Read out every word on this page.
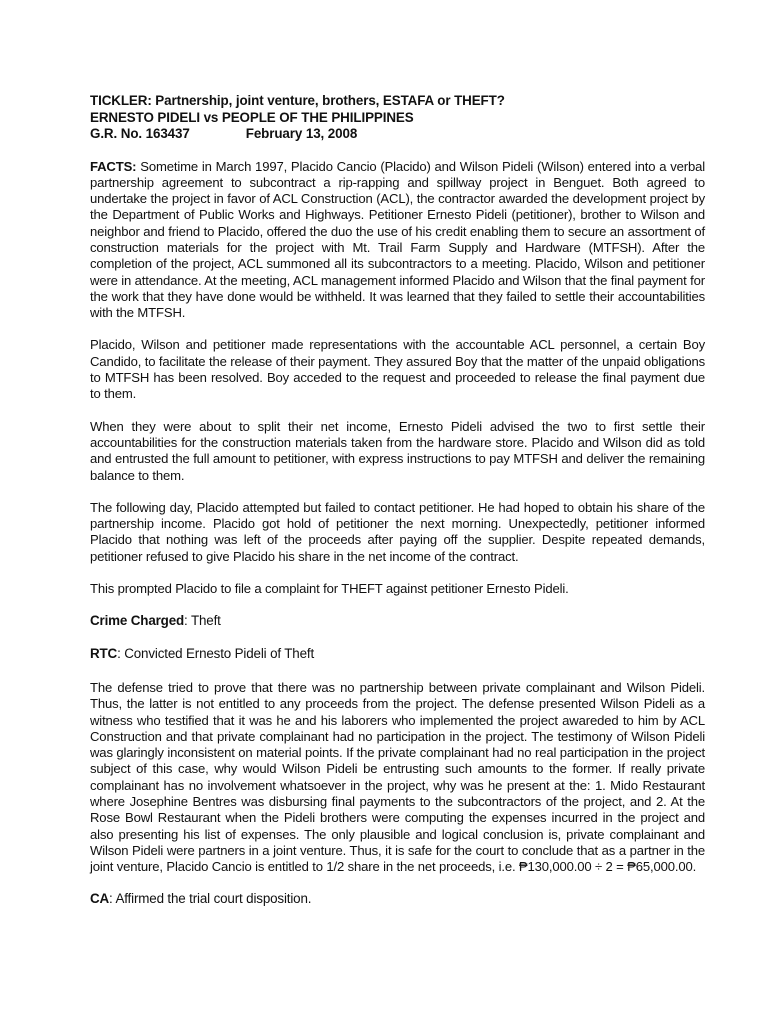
TICKLER: Partnership, joint venture, brothers, ESTAFA or THEFT?
ERNESTO PIDELI vs PEOPLE OF THE PHILIPPINES
G.R. No. 163437	February 13, 2008

FACTS: Sometime in March 1997, Placido Cancio (Placido) and Wilson Pideli (Wilson) entered into a verbal partnership agreement to subcontract a rip-rapping and spillway project in Benguet. Both agreed to undertake the project in favor of ACL Construction (ACL), the contractor awarded the development project by the Department of Public Works and Highways. Petitioner Ernesto Pideli (petitioner), brother to Wilson and neighbor and friend to Placido, offered the duo the use of his credit enabling them to secure an assortment of construction materials for the project with Mt. Trail Farm Supply and Hardware (MTFSH). After the completion of the project, ACL summoned all its subcontractors to a meeting. Placido, Wilson and petitioner were in attendance. At the meeting, ACL management informed Placido and Wilson that the final payment for the work that they have done would be withheld. It was learned that they failed to settle their accountabilities with the MTFSH.

Placido, Wilson and petitioner made representations with the accountable ACL personnel, a certain Boy Candido, to facilitate the release of their payment. They assured Boy that the matter of the unpaid obligations to MTFSH has been resolved. Boy acceded to the request and proceeded to release the final payment due to them.

When they were about to split their net income, Ernesto Pideli advised the two to first settle their accountabilities for the construction materials taken from the hardware store. Placido and Wilson did as told and entrusted the full amount to petitioner, with express instructions to pay MTFSH and deliver the remaining balance to them.

The following day, Placido attempted but failed to contact petitioner. He had hoped to obtain his share of the partnership income. Placido got hold of petitioner the next morning. Unexpectedly, petitioner informed Placido that nothing was left of the proceeds after paying off the supplier. Despite repeated demands, petitioner refused to give Placido his share in the net income of the contract.

This prompted Placido to file a complaint for THEFT against petitioner Ernesto Pideli.

Crime Charged: Theft

RTC: Convicted Ernesto Pideli of Theft

The defense tried to prove that there was no partnership between private complainant and Wilson Pideli. Thus, the latter is not entitled to any proceeds from the project. The defense presented Wilson Pideli as a witness who testified that it was he and his laborers who implemented the project awareded to him by ACL Construction and that private complainant had no participation in the project. The testimony of Wilson Pideli was glaringly inconsistent on material points. If the private complainant had no real participation in the project subject of this case, why would Wilson Pideli be entrusting such amounts to the former. If really private complainant has no involvement whatsoever in the project, why was he present at the: 1. Mido Restaurant where Josephine Bentres was disbursing final payments to the subcontractors of the project, and 2. At the Rose Bowl Restaurant when the Pideli brothers were computing the expenses incurred in the project and also presenting his list of expenses. The only plausible and logical conclusion is, private complainant and Wilson Pideli were partners in a joint venture. Thus, it is safe for the court to conclude that as a partner in the joint venture, Placido Cancio is entitled to 1/2 share in the net proceeds, i.e. ₱130,000.00 ÷ 2 = ₱65,000.00.

CA: Affirmed the trial court disposition.
